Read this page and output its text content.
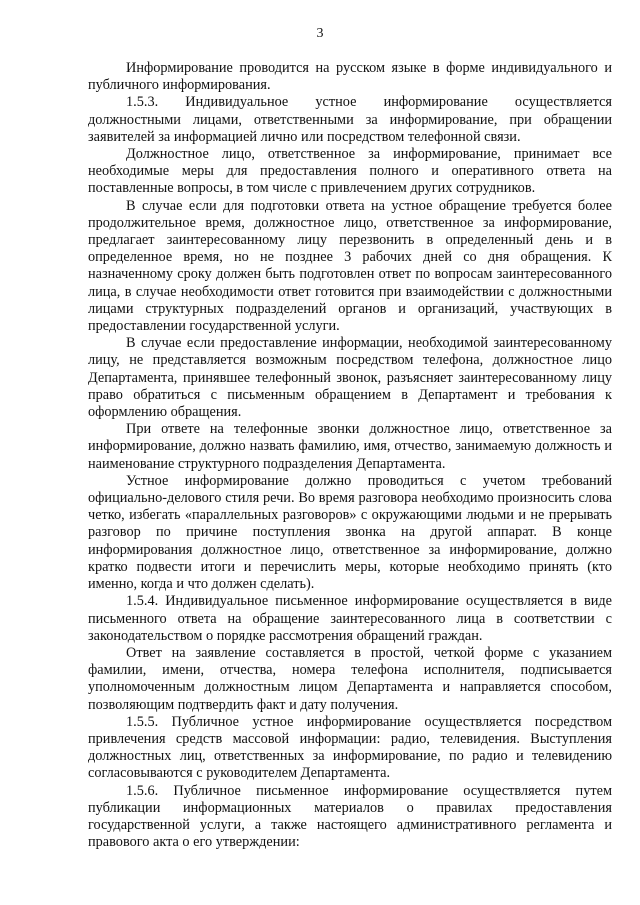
3

Информирование проводится на русском языке в форме индивидуального и публичного информирования.

1.5.3. Индивидуальное устное информирование осуществляется должностными лицами, ответственными за информирование, при обращении заявителей за информацией лично или посредством телефонной связи.

Должностное лицо, ответственное за информирование, принимает все необходимые меры для предоставления полного и оперативного ответа на поставленные вопросы, в том числе с привлечением других сотрудников.

В случае если для подготовки ответа на устное обращение требуется более продолжительное время, должностное лицо, ответственное за информирование, предлагает заинтересованному лицу перезвонить в определенный день и в определенное время, но не позднее 3 рабочих дней со дня обращения. К назначенному сроку должен быть подготовлен ответ по вопросам заинтересованного лица, в случае необходимости ответ готовится при взаимодействии с должностными лицами структурных подразделений органов и организаций, участвующих в предоставлении государственной услуги.

В случае если предоставление информации, необходимой заинтересованному лицу, не представляется возможным посредством телефона, должностное лицо Департамента, принявшее телефонный звонок, разъясняет заинтересованному лицу право обратиться с письменным обращением в Департамент и требования к оформлению обращения.

При ответе на телефонные звонки должностное лицо, ответственное за информирование, должно назвать фамилию, имя, отчество, занимаемую должность и наименование структурного подразделения Департамента.

Устное информирование должно проводиться с учетом требований официально-делового стиля речи. Во время разговора необходимо произносить слова четко, избегать «параллельных разговоров» с окружающими людьми и не прерывать разговор по причине поступления звонка на другой аппарат. В конце информирования должностное лицо, ответственное за информирование, должно кратко подвести итоги и перечислить меры, которые необходимо принять (кто именно, когда и что должен сделать).

1.5.4. Индивидуальное письменное информирование осуществляется в виде письменного ответа на обращение заинтересованного лица в соответствии с законодательством о порядке рассмотрения обращений граждан.

Ответ на заявление составляется в простой, четкой форме с указанием фамилии, имени, отчества, номера телефона исполнителя, подписывается уполномоченным должностным лицом Департамента и направляется способом, позволяющим подтвердить факт и дату получения.

1.5.5. Публичное устное информирование осуществляется посредством привлечения средств массовой информации: радио, телевидения. Выступления должностных лиц, ответственных за информирование, по радио и телевидению согласовываются с руководителем Департамента.

1.5.6. Публичное письменное информирование осуществляется путем публикации информационных материалов о правилах предоставления государственной услуги, а также настоящего административного регламента и правового акта о его утверждении:
